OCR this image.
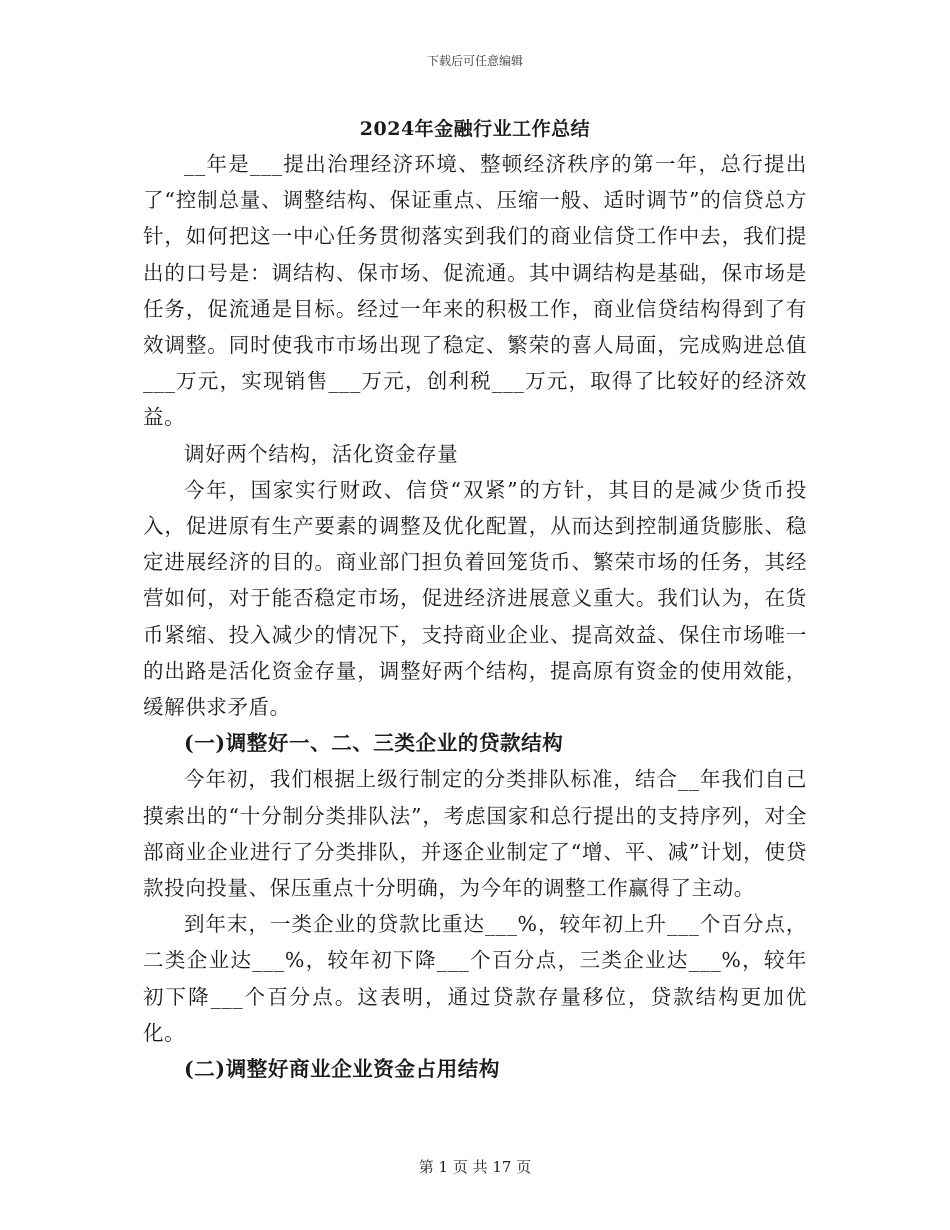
下载后可任意编辑
2024年金融行业工作总结

__年是___提出治理经济环境、整顿经济秩序的第一年，总行提出了“控制总量、调整结构、保证重点、压缩一般、适时调节”的信贷总方针，如何把这一中心任务贯彻落实到我们的商业信贷工作中去，我们提出的口号是：调结构、保市场、促流通。其中调结构是基础，保市场是任务，促流通是目标。经过一年来的积极工作，商业信贷结构得到了有效调整。同时使我市市场出现了稳定、繁荣的喜人局面，完成购进总值___万元，实现销售___万元，创利税___万元，取得了比较好的经济效益。

调好两个结构，活化资金存量

今年，国家实行财政、信贷“双紧”的方针，其目的是减少货币投入，促进原有生产要素的调整及优化配置，从而达到控制通货膨胀、稳定进展经济的目的。商业部门担负着回笼货币、繁荣市场的任务，其经营如何，对于能否稳定市场，促进经济进展意义重大。我们认为，在货币紧缩、投入减少的情况下，支持商业企业、提高效益、保住市场唯一的出路是活化资金存量，调整好两个结构，提高原有资金的使用效能，缓解供求矛盾。

(一)调整好一、二、三类企业的贷款结构

今年初，我们根据上级行制定的分类排队标准，结合__年我们自己摸索出的“十分制分类排队法”，考虑国家和总行提出的支持序列，对全部商业企业进行了分类排队，并逐企业制定了“增、平、减”计划，使贷款投向投量、保压重点十分明确，为今年的调整工作赢得了主动。

到年末，一类企业的贷款比重达___%，较年初上升___个百分点，二类企业达___%，较年初下降___个百分点，三类企业达___%，较年初下降___个百分点。这表明，通过贷款存量移位，贷款结构更加优化。

(二)调整好商业企业资金占用结构

第 1 页 共 17 页
